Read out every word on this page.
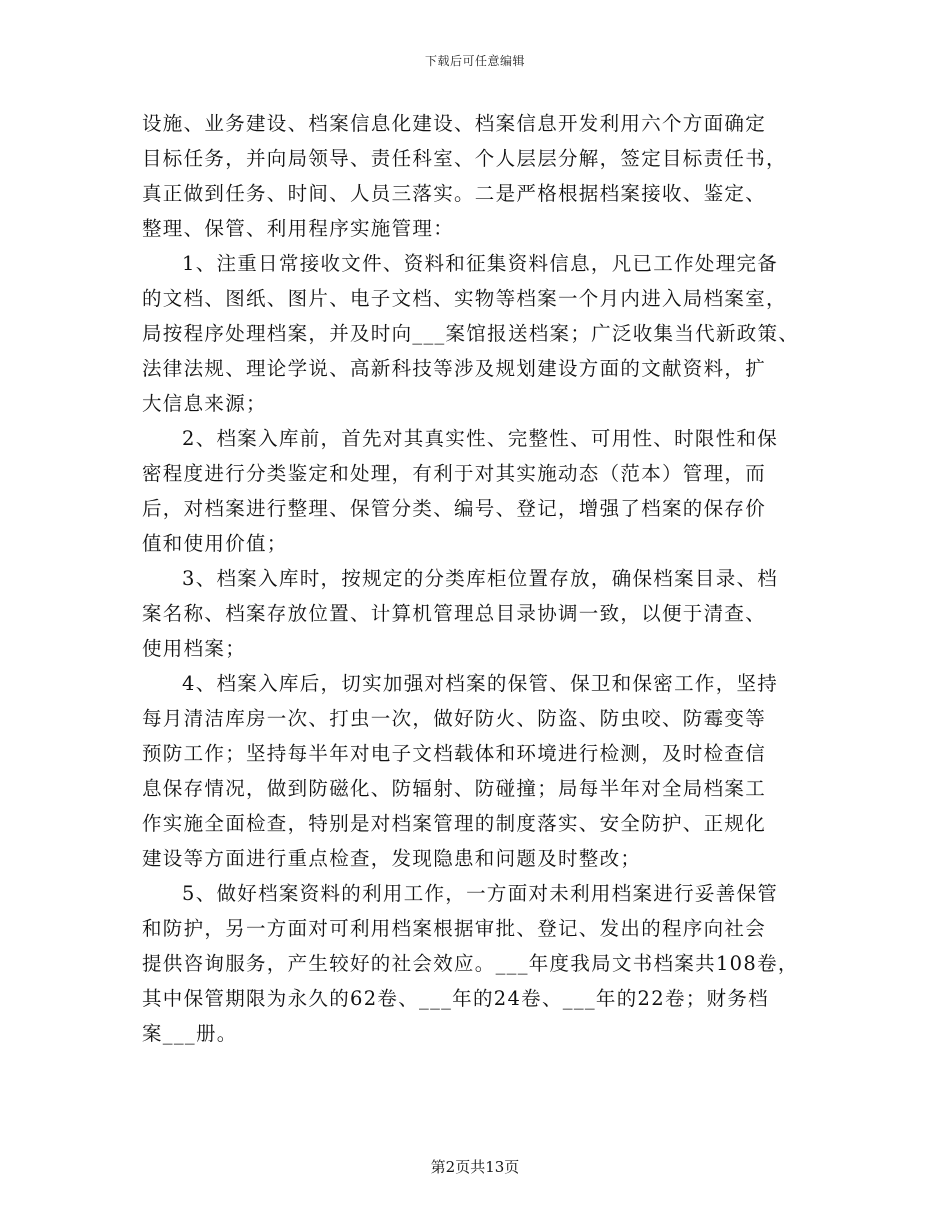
下载后可任意编辑
设施、业务建设、档案信息化建设、档案信息开发利用六个方面确定
目标任务，并向局领导、责任科室、个人层层分解，签定目标责任书，
真正做到任务、时间、人员三落实。二是严格根据档案接收、鉴定、
整理、保管、利用程序实施管理：
1、注重日常接收文件、资料和征集资料信息，凡已工作处理完备
的文档、图纸、图片、电子文档、实物等档案一个月内进入局档案室，
局按程序处理档案，并及时向___案馆报送档案；广泛收集当代新政策、
法律法规、理论学说、高新科技等涉及规划建设方面的文献资料，扩
大信息来源；
2、档案入库前，首先对其真实性、完整性、可用性、时限性和保
密程度进行分类鉴定和处理，有利于对其实施动态（范本）管理，而
后，对档案进行整理、保管分类、编号、登记，增强了档案的保存价
值和使用价值；
3、档案入库时，按规定的分类库柜位置存放，确保档案目录、档
案名称、档案存放位置、计算机管理总目录协调一致，以便于清查、
使用档案；
4、档案入库后，切实加强对档案的保管、保卫和保密工作，坚持
每月清洁库房一次、打虫一次，做好防火、防盗、防虫咬、防霉变等
预防工作；坚持每半年对电子文档载体和环境进行检测，及时检查信
息保存情况，做到防磁化、防辐射、防碰撞；局每半年对全局档案工
作实施全面检查，特别是对档案管理的制度落实、安全防护、正规化
建设等方面进行重点检查，发现隐患和问题及时整改；
5、做好档案资料的利用工作，一方面对未利用档案进行妥善保管
和防护，另一方面对可利用档案根据审批、登记、发出的程序向社会
提供咨询服务，产生较好的社会效应。___年度我局文书档案共108卷，
其中保管期限为永久的62卷、___年的24卷、___年的22卷；财务档
案___册。
第2页共13页
